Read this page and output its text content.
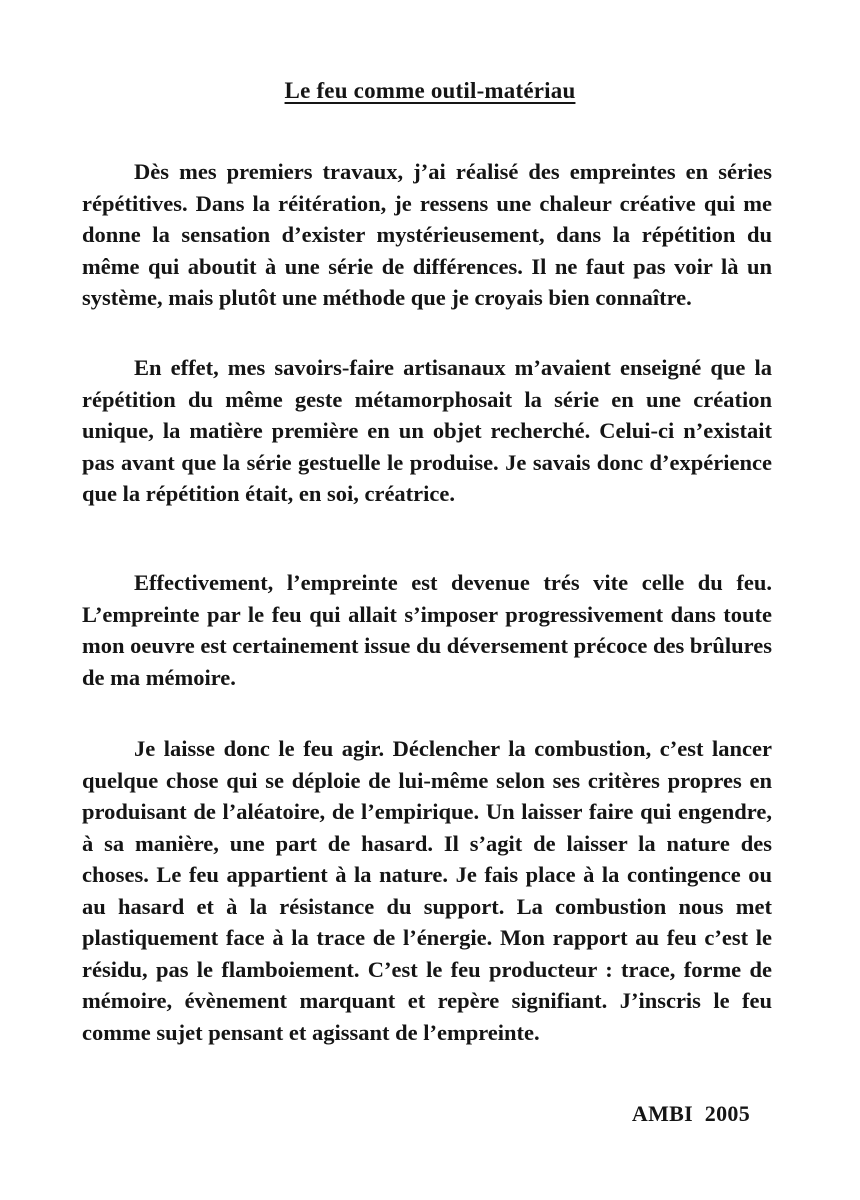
Le feu comme outil-matériau

Dès mes premiers travaux, j’ai réalisé des empreintes en séries répétitives. Dans la réitération, je ressens une chaleur créative qui me donne la sensation d’exister mystérieusement, dans la répétition du même qui aboutit à une série de différences. Il ne faut pas voir là un système, mais plutôt une méthode que je croyais bien connaître.

En effet, mes savoirs-faire artisanaux m’avaient enseigné que la répétition du même geste métamorphosait la série en une création unique, la matière première en un objet recherché. Celui-ci n’existait pas avant que la série gestuelle le produise. Je savais donc d’expérience que la répétition était, en soi, créatrice.

Effectivement, l’empreinte est devenue trés vite celle du feu. L’empreinte par le feu qui allait s’imposer progressivement dans toute mon oeuvre est certainement issue du déversement précoce des brûlures de ma mémoire.

Je laisse donc le feu agir. Déclencher la combustion, c’est lancer quelque chose qui se déploie de lui-même selon ses critères propres en produisant de l’aléatoire, de l’empirique. Un laisser faire qui engendre, à sa manière, une part de hasard. Il s’agit de laisser la nature des choses. Le feu appartient à la nature. Je fais place à la contingence ou au hasard et à la résistance du support. La combustion nous met plastiquement face à la trace de l’énergie. Mon rapport au feu c’est le résidu, pas le flamboiement. C’est le feu producteur : trace, forme de mémoire, évènement marquant et repère signifiant. J’inscris le feu comme sujet pensant et agissant de l’empreinte.

AMBI 2005
